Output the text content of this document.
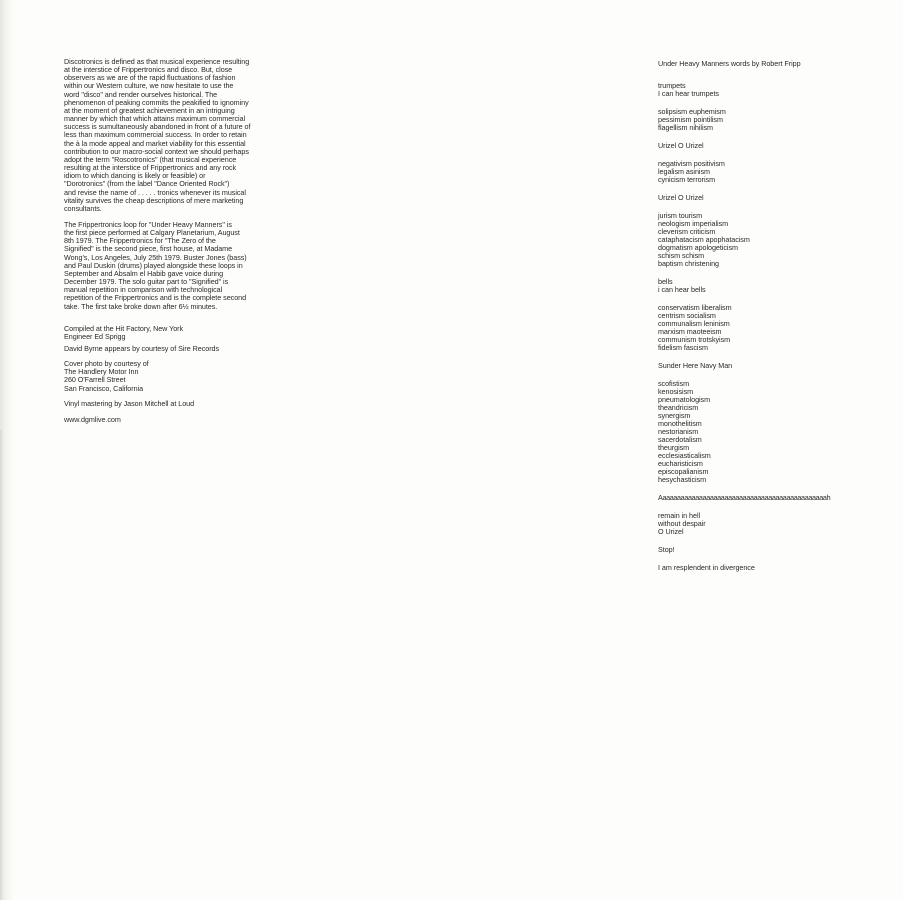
Discotronics is defined as that musical experience resulting
at the interstice of Frippertronics and disco. But, close
observers as we are of the rapid fluctuations of fashion
within our Western culture, we now hesitate to use the
word "disco" and render ourselves historical. The
phenomenon of peaking commits the peakified to ignominy
at the moment of greatest achievement in an intriguing
manner by which that which attains maximum commercial
success is sumultaneously abandoned in front of a future of
less than maximum commercial success. In order to retain
the à la mode appeal and market viability for this essential
contribution to our macro-social context we should perhaps
adopt the term "Roscotronics" (that musical experience
resulting at the interstice of Frippertronics and any rock
idiom to which dancing is likely or feasible) or
"Dorotronics" (from the label "Dance Oriented Rock")
and revise the name of . . . . . tronics whenever its musical
vitality survives the cheap descriptions of mere marketing
consultants.

The Frippertronics loop for "Under Heavy Manners" is
the first piece performed at Calgary Planetarium, August
8th 1979. The Frippertronics for "The Zero of the
Signified" is the second piece, first house, at Madame
Wong's, Los Angeles, July 25th 1979. Buster Jones (bass)
and Paul Duskin (drums) played alongside these loops in
September and Absalm el Habib gave voice during
December 1979. The solo guitar part to "Signified" is
manual repetition in comparison with technological
repetition of the Frippertronics and is the complete second
take. The first take broke down after 6½ minutes.

Compiled at the Hit Factory, New York
Engineer Ed Sprigg

David Byrne appears by courtesy of Sire Records

Cover photo by courtesy of
The Handlery Motor Inn
260 O'Farrell Street
San Francisco, California

Vinyl mastering by Jason Mitchell at Loud

www.dgmlive.com

Under Heavy Manners words by Robert Fripp

trumpets
I can hear trumpets

solipsism euphemism
pessimism pointilism
flagellism nihilism

Urizel O Urizel

negativism positivism
legalism asinism
cynicism terrorism

Urizel O Urizel

jurism tourism
neologism imperialism
cleverism criticism
cataphatacism apophatacism
dogmatism apologeticism
schism schism
baptism christening

bells
i can hear bells

conservatism liberalism
centrism socialism
communalism leninism
marxism maoteeism
communism trotskyism
fidelism fascism

Sunder Here Navy Man

scofistism
kenosisism
pneumatologism
theandricism
synergism
monothelitism
nestorianism
sacerdotalism
theurgism
ecclesiasticalism
eucharisticism
episcopalianism
hesychasticism

Aaaaaaaaaaaaaaaaaaaaaaaaaaaaaaaaaaaaaaaaaaaaaah

remain in hell
without despair
O Urizel

Stop!

I am resplendent in divergence
